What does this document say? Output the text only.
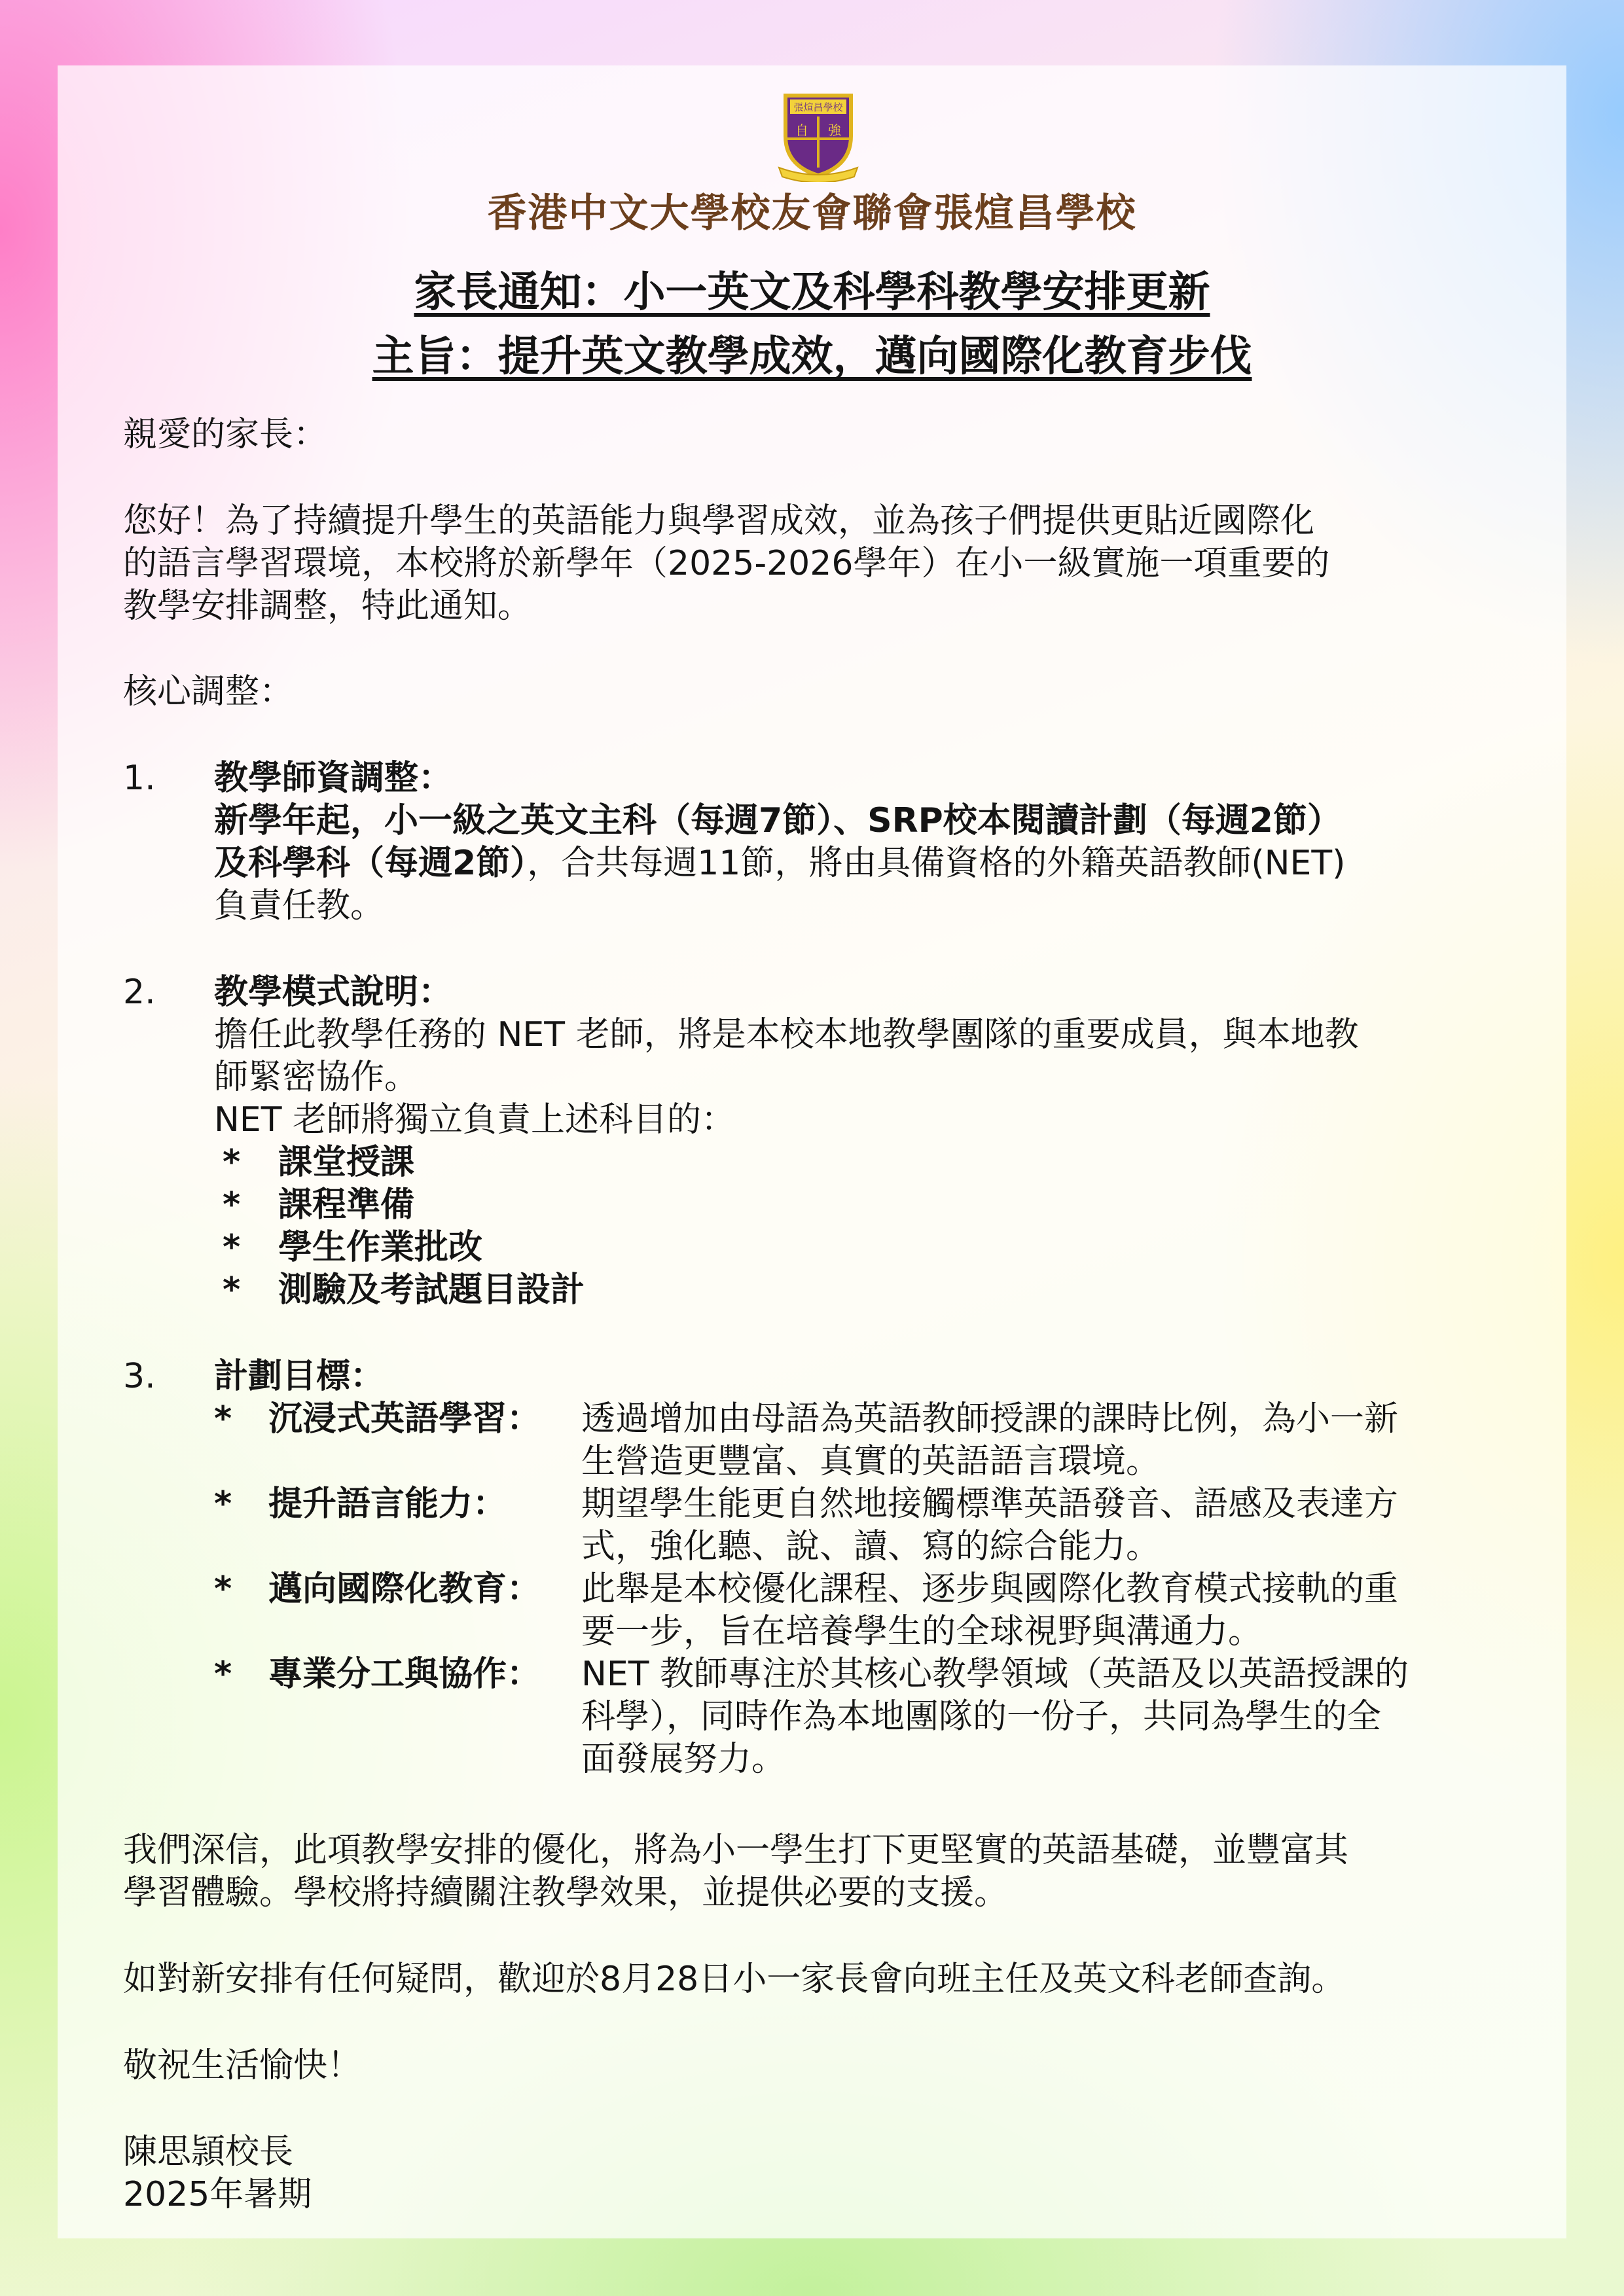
張煊昌學校
自 強
香港中文大學校友會聯會張煊昌學校
家長通知：小一英文及科學科教學安排更新
主旨：提升英文教學成效，邁向國際化教育步伐
親愛的家長：
您好！為了持續提升學生的英語能力與學習成效，並為孩子們提供更貼近國際化
的語言學習環境，本校將於新學年（2025-2026學年）在小一級實施一項重要的
教學安排調整，特此通知。
核心調整：
1. 教學師資調整：
新學年起，小一級之英文主科（每週7節）、SRP校本閱讀計劃（每週2節）
及科學科（每週2節），合共每週11節，將由具備資格的外籍英語教師(NET)
負責任教。
2. 教學模式說明：
擔任此教學任務的 NET 老師，將是本校本地教學團隊的重要成員，與本地教
師緊密協作。
NET 老師將獨立負責上述科目的：
* 課堂授課
* 課程準備
* 學生作業批改
* 測驗及考試題目設計
3. 計劃目標：
* 沉浸式英語學習： 透過增加由母語為英語教師授課的課時比例，為小一新
生營造更豐富、真實的英語語言環境。
* 提升語言能力： 期望學生能更自然地接觸標準英語發音、語感及表達方
式，強化聽、說、讀、寫的綜合能力。
* 邁向國際化教育： 此舉是本校優化課程、逐步與國際化教育模式接軌的重
要一步，旨在培養學生的全球視野與溝通力。
* 專業分工與協作： NET 教師專注於其核心教學領域（英語及以英語授課的
科學），同時作為本地團隊的一份子，共同為學生的全
面發展努力。
我們深信，此項教學安排的優化，將為小一學生打下更堅實的英語基礎，並豐富其
學習體驗。學校將持續關注教學效果，並提供必要的支援。
如對新安排有任何疑問，歡迎於8月28日小一家長會向班主任及英文科老師查詢。
敬祝生活愉快！
陳思頴校長
2025年暑期
